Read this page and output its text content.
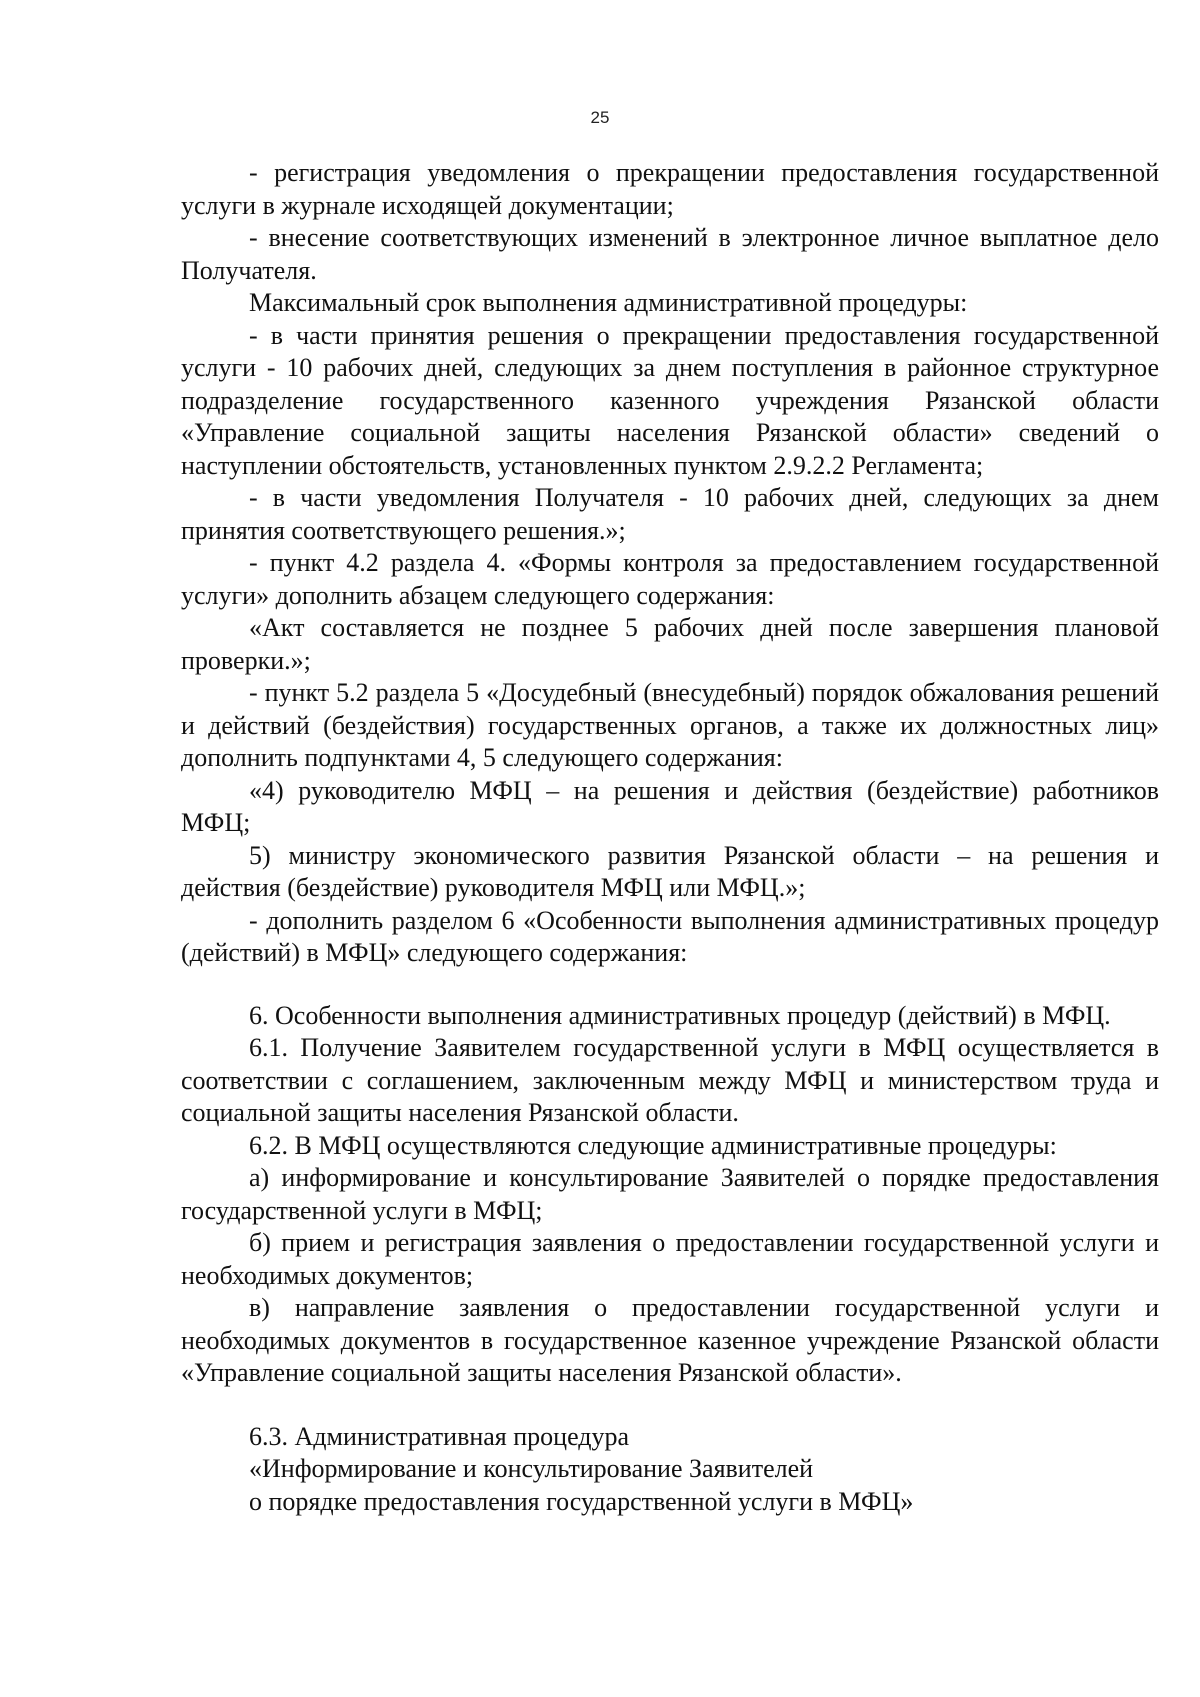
25

- регистрация уведомления о прекращении предоставления государственной услуги в журнале исходящей документации;

- внесение соответствующих изменений в электронное личное выплатное дело Получателя.

Максимальный срок выполнения административной процедуры:

- в части принятия решения о прекращении предоставления государственной услуги - 10 рабочих дней, следующих за днем поступления в районное структурное подразделение государственного казенного учреждения Рязанской области «Управление социальной защиты населения Рязанской области» сведений о наступлении обстоятельств, установленных пунктом 2.9.2.2 Регламента;

- в части уведомления Получателя - 10 рабочих дней, следующих за днем принятия соответствующего решения.»;

- пункт 4.2 раздела 4. «Формы контроля за предоставлением государственной услуги» дополнить абзацем следующего содержания:

«Акт составляется не позднее 5 рабочих дней после завершения плановой проверки.»;

- пункт 5.2 раздела 5 «Досудебный (внесудебный) порядок обжалования решений и действий (бездействия) государственных органов, а также их должностных лиц» дополнить подпунктами 4, 5 следующего содержания:

«4) руководителю МФЦ – на решения и действия (бездействие) работников МФЦ;

5) министру экономического развития Рязанской области – на решения и действия (бездействие) руководителя МФЦ или МФЦ.»;

- дополнить разделом 6 «Особенности выполнения административных процедур (действий) в МФЦ» следующего содержания:

6. Особенности выполнения административных процедур (действий) в МФЦ.

6.1. Получение Заявителем государственной услуги в МФЦ осуществляется в соответствии с соглашением, заключенным между МФЦ и министерством труда и социальной защиты населения Рязанской области.

6.2. В МФЦ осуществляются следующие административные процедуры:

а) информирование и консультирование Заявителей о порядке предоставления государственной услуги в МФЦ;

б) прием и регистрация заявления о предоставлении государственной услуги и необходимых документов;

в) направление заявления о предоставлении государственной услуги и необходимых документов в государственное казенное учреждение Рязанской области «Управление социальной защиты населения Рязанской области».

6.3. Административная процедура
«Информирование и консультирование Заявителей
о порядке предоставления государственной услуги в МФЦ»
